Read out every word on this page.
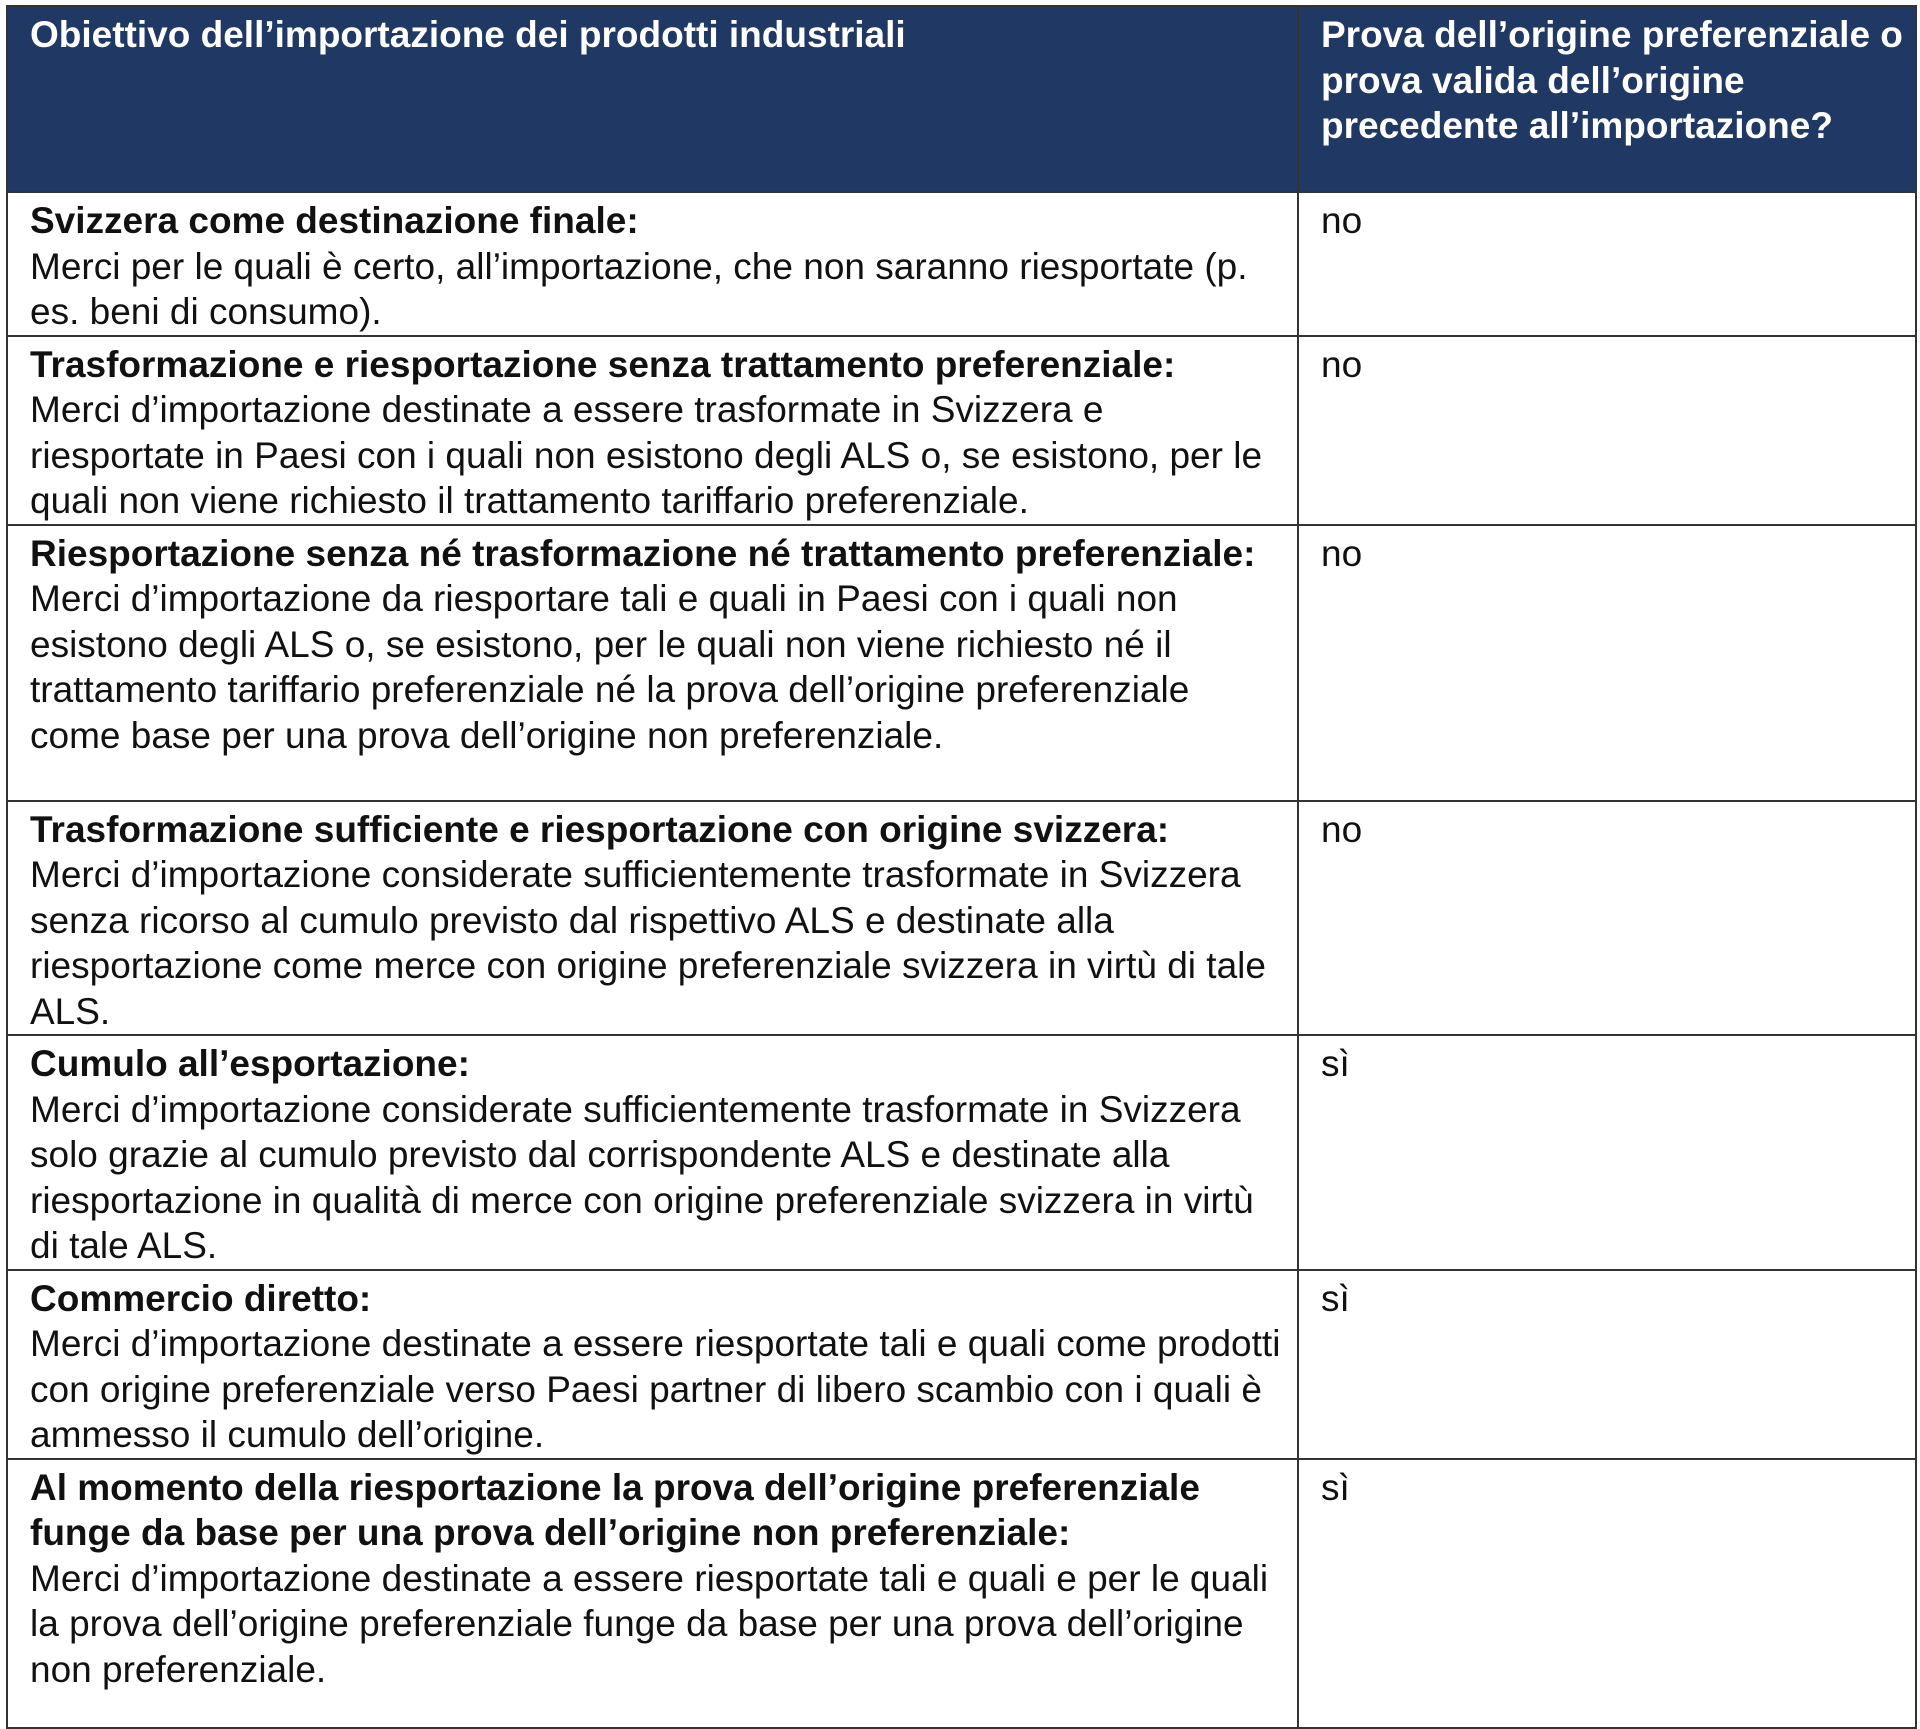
Obiettivo dell’importazione dei prodotti industriali	Prova dell’origine preferenziale o prova valida dell’origine precedente all’importazione?

Svizzera come destinazione finale:
Merci per le quali è certo, all’importazione, che non saranno riesportate (p. es. beni di consumo).	no

Trasformazione e riesportazione senza trattamento preferenziale:
Merci d’importazione destinate a essere trasformate in Svizzera e riesportate in Paesi con i quali non esistono degli ALS o, se esistono, per le quali non viene richiesto il trattamento tariffario preferenziale.	no

Riesportazione senza né trasformazione né trattamento preferenziale:
Merci d’importazione da riesportare tali e quali in Paesi con i quali non esistono degli ALS o, se esistono, per le quali non viene richiesto né il trattamento tariffario preferenziale né la prova dell’origine preferenziale come base per una prova dell’origine non preferenziale.	no

Trasformazione sufficiente e riesportazione con origine svizzera:
Merci d’importazione considerate sufficientemente trasformate in Svizzera senza ricorso al cumulo previsto dal rispettivo ALS e destinate alla riesportazione come merce con origine preferenziale svizzera in virtù di tale ALS.	no

Cumulo all’esportazione:
Merci d’importazione considerate sufficientemente trasformate in Svizzera solo grazie al cumulo previsto dal corrispondente ALS e destinate alla riesportazione in qualità di merce con origine preferenziale svizzera in virtù di tale ALS.	sì

Commercio diretto:
Merci d’importazione destinate a essere riesportate tali e quali come prodotti con origine preferenziale verso Paesi partner di libero scambio con i quali è ammesso il cumulo dell’origine.	sì

Al momento della riesportazione la prova dell’origine preferenziale funge da base per una prova dell’origine non preferenziale:
Merci d’importazione destinate a essere riesportate tali e quali e per le quali la prova dell’origine preferenziale funge da base per una prova dell’origine non preferenziale.	sì
